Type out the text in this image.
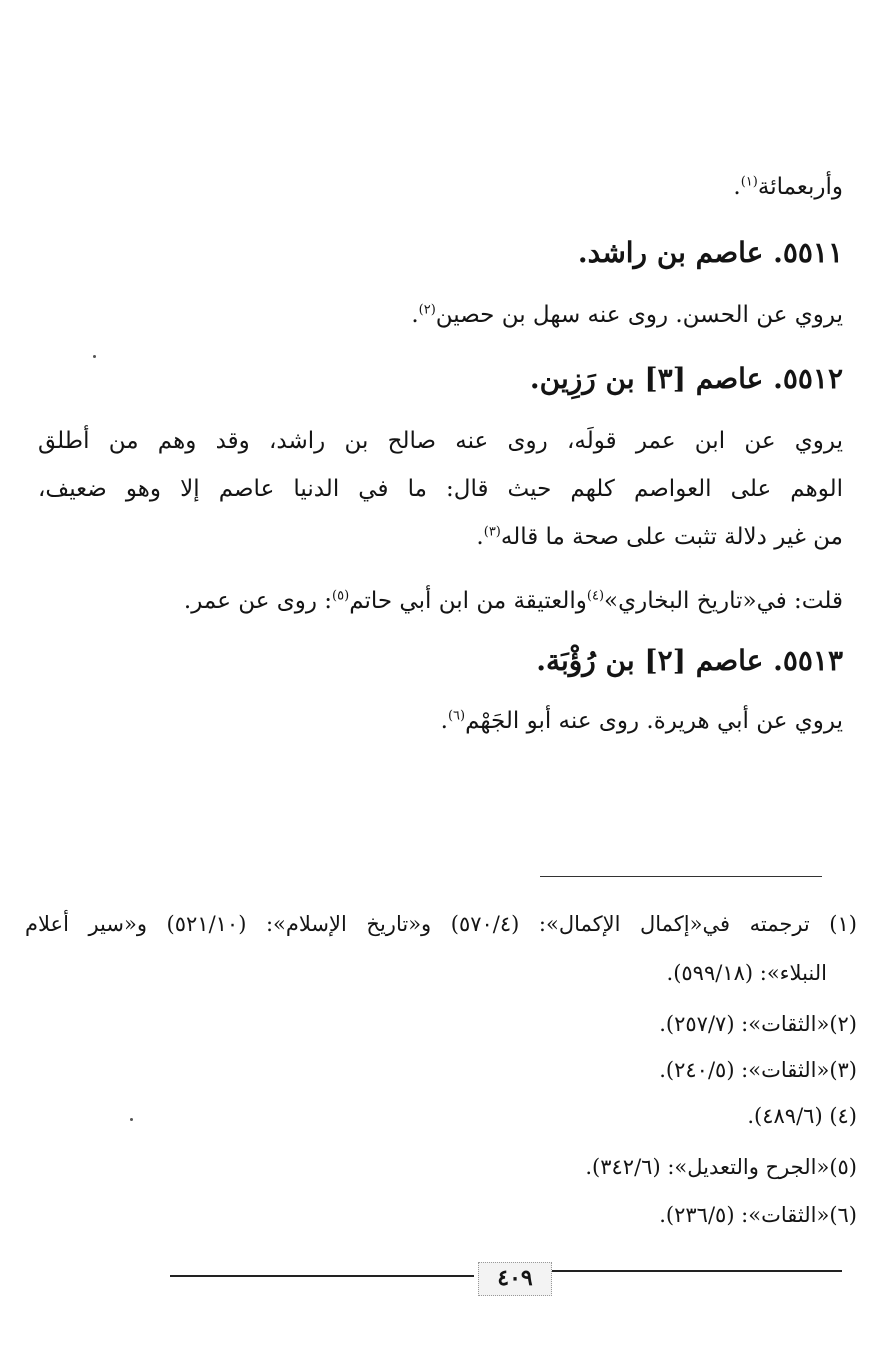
وأربعمائة$^{(١)}$.
٥٥١١. عاصم بن راشد.
يروي عن الحسن. روى عنه سهل بن حصين$^{(٢)}$.
٥٥١٢. عاصم [٣] بن رَزِين.
يروي عن ابن عمر قولَه، روى عنه صالح بن راشد، وقد وهم من أطلق
الوهم على العواصم كلهم حيث قال: ما في الدنيا عاصم إلا وهو ضعيف،
من غير دلالة تثبت على صحة ما قاله$^{(٣)}$.
قلت: في«تاريخ البخاري»$^{(٤)}$والعتيقة من ابن أبي حاتم$^{(٥)}$: روى عن عمر.
٥٥١٣. عاصم [٢] بن رُؤْبَة.
يروي عن أبي هريرة. روى عنه أبو الجَهْم$^{(٦)}$.
(١) ترجمته في«إكمال الإكمال»: (٥٧٠/٤) و«تاريخ الإسلام»: (٥٢١/١٠) و«سير أعلام
النبلاء»: (٥٩٩/١٨).
(٢)«الثقات»: (٢٥٧/٧).
(٣)«الثقات»: (٢٤٠/٥).
(٤) (٤٨٩/٦).
(٥)«الجرح والتعديل»: (٣٤٢/٦).
(٦)«الثقات»: (٢٣٦/٥).
٤٠٩
